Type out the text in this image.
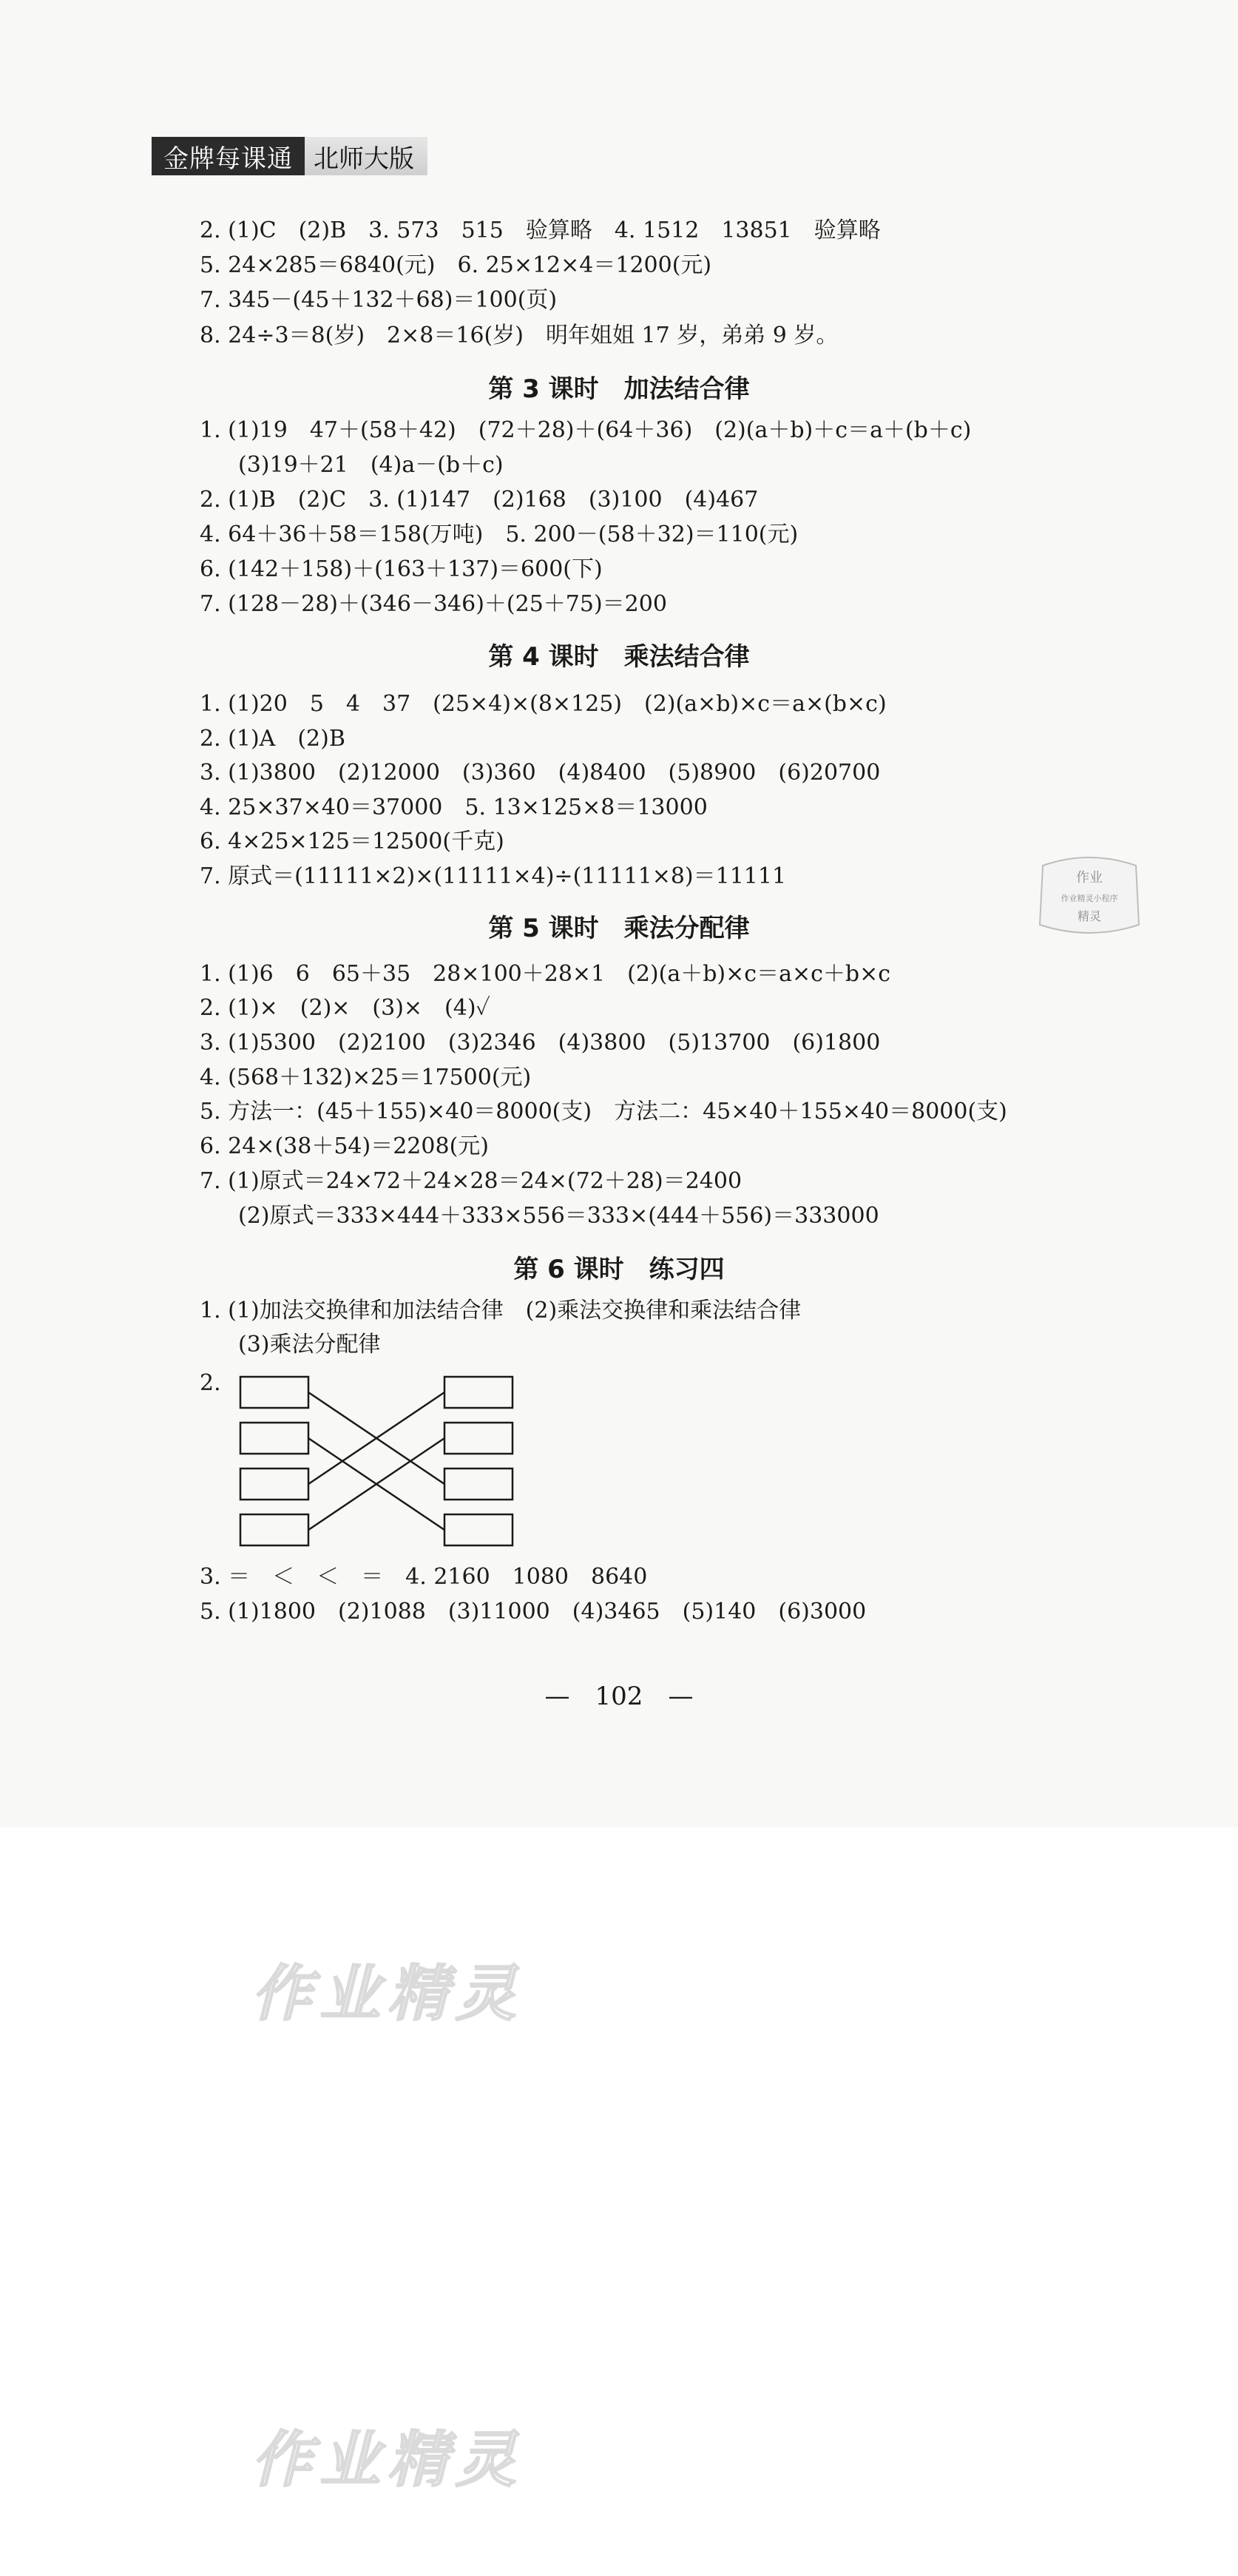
金牌每课通 北师大版
2. (1)C　(2)B　3. 573　515　验算略　4. 1512　13851　验算略
5. 24×285＝6840(元)　6. 25×12×4＝1200(元)
7. 345－(45＋132＋68)＝100(页)
8. 24÷3＝8(岁)　2×8＝16(岁)　明年姐姐 17 岁，弟弟 9 岁。
第 3 课时　加法结合律
1. (1)19　47＋(58＋42)　(72＋28)＋(64＋36)　(2)(a＋b)＋c＝a＋(b＋c)
(3)19＋21　(4)a－(b＋c)
2. (1)B　(2)C　3. (1)147　(2)168　(3)100　(4)467
4. 64＋36＋58＝158(万吨)　5. 200－(58＋32)＝110(元)
6. (142＋158)＋(163＋137)＝600(下)
7. (128－28)＋(346－346)＋(25＋75)＝200
第 4 课时　乘法结合律
1. (1)20　5　4　37　(25×4)×(8×125)　(2)(a×b)×c＝a×(b×c)
2. (1)A　(2)B
3. (1)3800　(2)12000　(3)360　(4)8400　(5)8900　(6)20700
4. 25×37×40＝37000　5. 13×125×8＝13000
6. 4×25×125＝12500(千克)
7. 原式＝(11111×2)×(11111×4)÷(11111×8)＝11111
第 5 课时　乘法分配律
1. (1)6　6　65＋35　28×100＋28×1　(2)(a＋b)×c＝a×c＋b×c
2. (1)×　(2)×　(3)×　(4)✓
3. (1)5300　(2)2100　(3)2346　(4)3800　(5)13700　(6)1800
4. (568＋132)×25＝17500(元)
5. 方法一：(45＋155)×40＝8000(支)　方法二：45×40＋155×40＝8000(支)
6. 24×(38＋54)＝2208(元)
7. (1)原式＝24×72＋24×28＝24×(72＋28)＝2400
(2)原式＝333×444＋333×556＝333×(444＋556)＝333000
第 6 课时　练习四
1. (1)加法交换律和加法结合律　(2)乘法交换律和乘法结合律
(3)乘法分配律
2.
3. ＝　＜　＜　＝　4. 2160　1080　8640
5. (1)1800　(2)1088　(3)11000　(4)3465　(5)140　(6)3000
—　102　—
作业
作业精灵小程序
精灵
作业精灵
作业精灵
